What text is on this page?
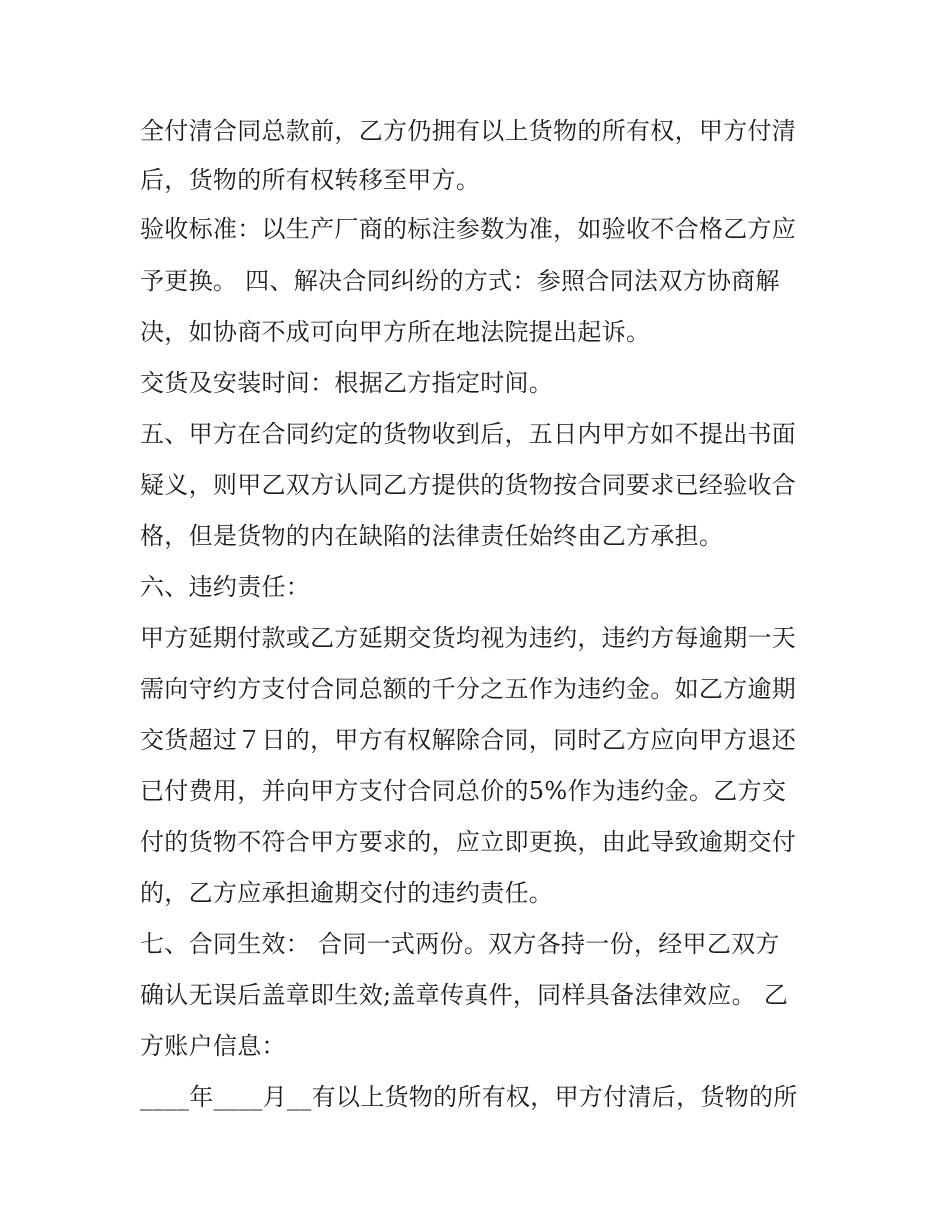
全付清合同总款前，乙方仍拥有以上货物的所有权，甲方付清
后，货物的所有权转移至甲方。
验收标准：以生产厂商的标注参数为准，如验收不合格乙方应
予更换。 四、解决合同纠纷的方式：参照合同法双方协商解
决，如协商不成可向甲方所在地法院提出起诉。
交货及安装时间：根据乙方指定时间。
五、甲方在合同约定的货物收到后，五日内甲方如不提出书面
疑义，则甲乙双方认同乙方提供的货物按合同要求已经验收合
格，但是货物的内在缺陷的法律责任始终由乙方承担。
六、违约责任：
甲方延期付款或乙方延期交货均视为违约，违约方每逾期一天
需向守约方支付合同总额的千分之五作为违约金。如乙方逾期
交货超过７日的，甲方有权解除合同，同时乙方应向甲方退还
已付费用，并向甲方支付合同总价的5%作为违约金。乙方交
付的货物不符合甲方要求的，应立即更换，由此导致逾期交付
的，乙方应承担逾期交付的违约责任。
七、合同生效： 合同一式两份。双方各持一份，经甲乙双方
确认无误后盖章即生效;盖章传真件，同样具备法律效应。 乙
方账户信息：
____年____月__有以上货物的所有权，甲方付清后，货物的所
